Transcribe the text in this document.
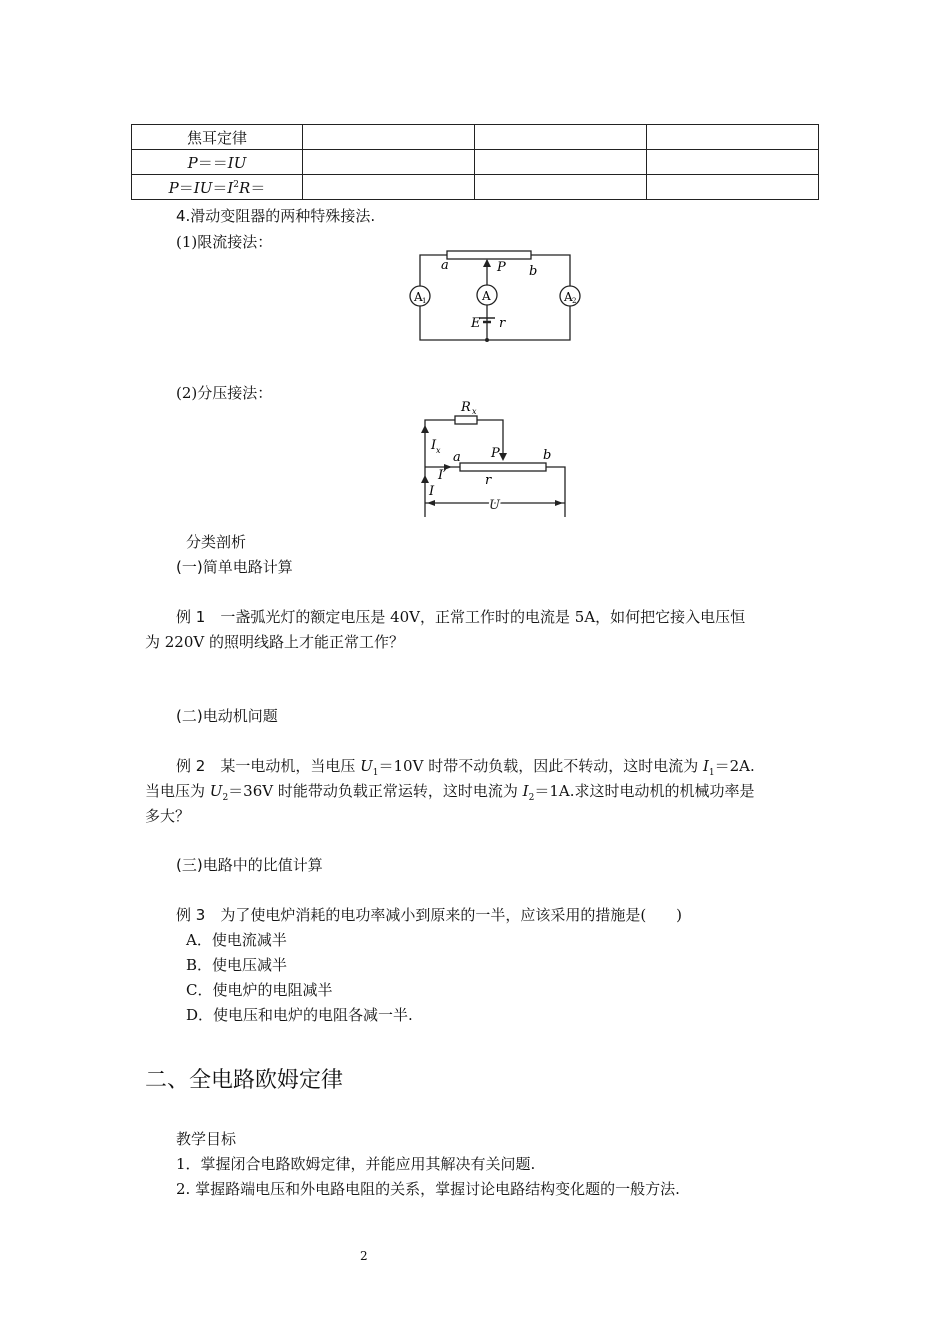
焦耳定律			
P＝＝IU			
$P=IU=I^2R=$			
4.滑动变阻器的两种特殊接法.
(1)限流接法：
a	P b
A 1	A	A 2
E r
(2)分压接法：
R x
I x a P	b
I′	r
I
U
分类剖析
(一)简单电路计算
例 1　 一盏弧光灯的额定电压是 40V，正常工作时的电流是 5A，如何把它接入电压恒
为 220V 的照明线路上才能正常工作？
(二)电动机问题
例 2　 某一电动机，当电压 $U_1=10V$ 时带不动负载，因此不转动，这时电流为 $I_1=2A$.
当电压为 $U_2=36V$ 时能带动负载正常运转，这时电流为 $I_2=1A$.求这时电动机的机械功率是
多大？
(三)电路中的比值计算
例 3　 为了使电炉消耗的电功率减小到原来的一半，应该采用的措施是(　　)
A．使电流减半
B．使电压减半
C．使电炉的电阻减半
D．使电压和电炉的电阻各减一半.
二、全电路欧姆定律
教学目标
1．掌握闭合电路欧姆定律，并能应用其解决有关问题.
2. 掌握路端电压和外电路电阻的关系，掌握讨论电路结构变化题的一般方法.
2
